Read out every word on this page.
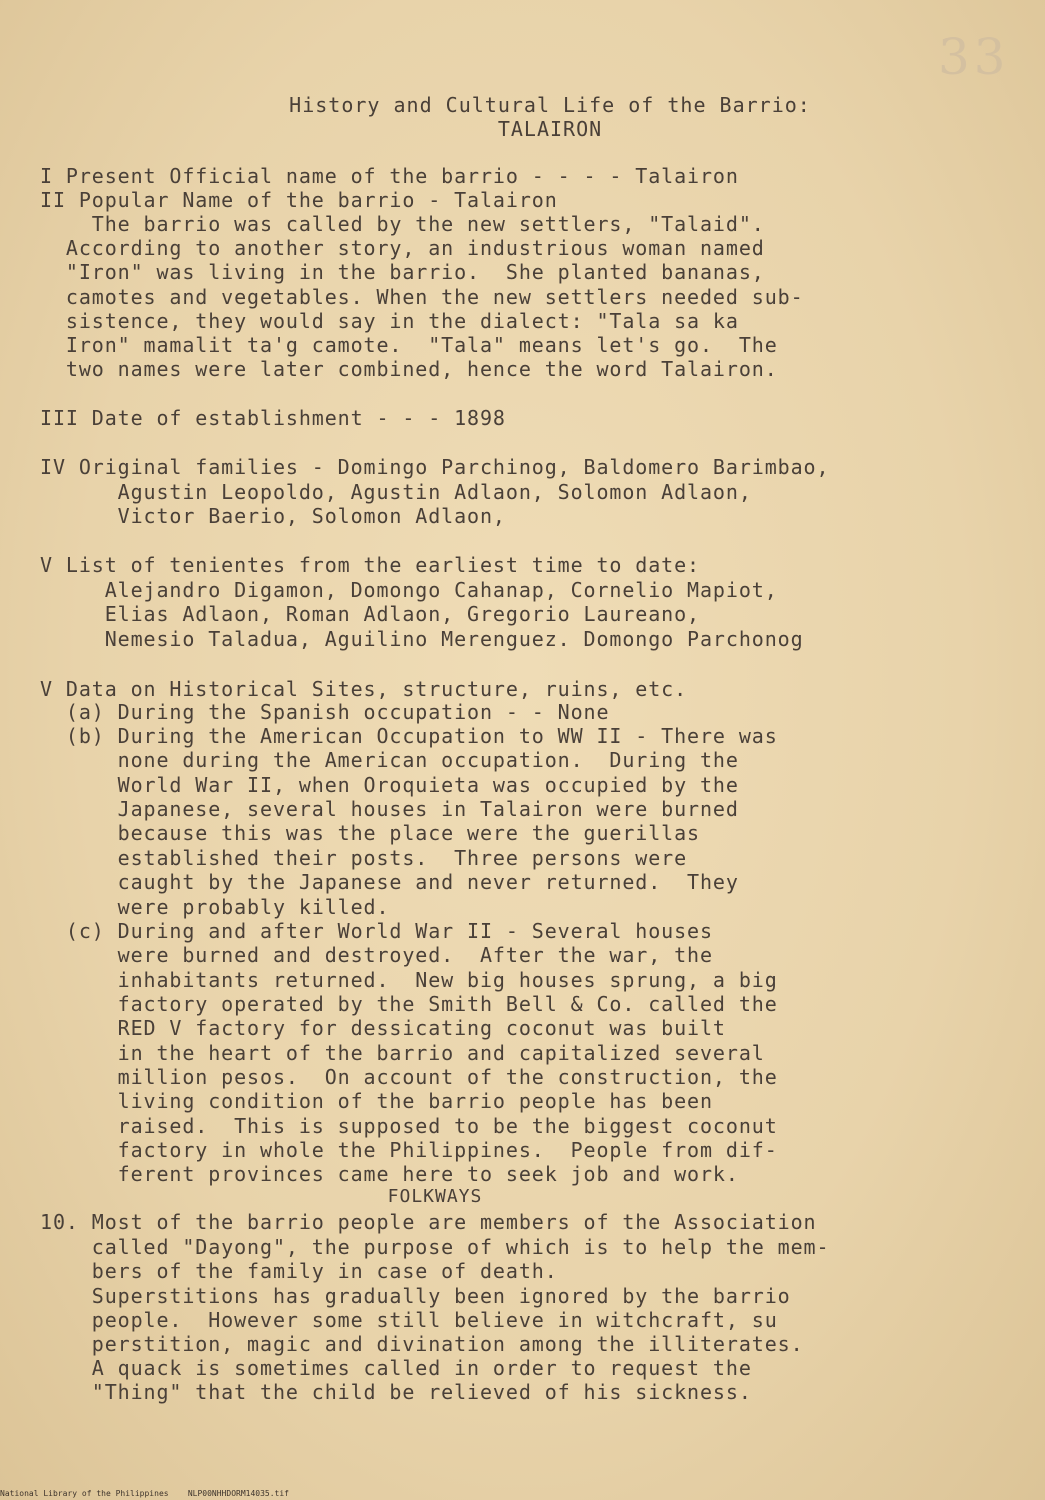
33
History and Cultural Life of the Barrio:
TALAIRON
I Present Official name of the barrio - - - - Talairon
II Popular Name of the barrio - Talairon
The barrio was called by the new settlers, "Talaid".
According to another story, an industrious woman named
"Iron" was living in the barrio.  She planted bananas,
camotes and vegetables. When the new settlers needed sub-
sistence, they would say in the dialect: "Tala sa ka
Iron" mamalit ta'g camote.  "Tala" means let's go.  The
two names were later combined, hence the word Talairon.
III Date of establishment - - - 1898
IV Original families - Domingo Parchinog, Baldomero Barimbao,
Agustin Leopoldo, Agustin Adlaon, Solomon Adlaon,
Victor Baerio, Solomon Adlaon,
V List of tenientes from the earliest time to date:
Alejandro Digamon, Domongo Cahanap, Cornelio Mapiot,
Elias Adlaon, Roman Adlaon, Gregorio Laureano,
Nemesio Taladua, Aguilino Merenguez. Domongo Parchonog
V Data on Historical Sites, structure, ruins, etc.
(a) During the Spanish occupation - - None
(b) During the American Occupation to WW II - There was
none during the American occupation.  During the
World War II, when Oroquieta was occupied by the
Japanese, several houses in Talairon were burned
because this was the place were the guerillas
established their posts.  Three persons were
caught by the Japanese and never returned.  They
were probably killed.
(c) During and after World War II - Several houses
were burned and destroyed.  After the war, the
inhabitants returned.  New big houses sprung, a big
factory operated by the Smith Bell & Co. called the
RED V factory for dessicating coconut was built
in the heart of the barrio and capitalized several
million pesos.  On account of the construction, the
living condition of the barrio people has been
raised.  This is supposed to be the biggest coconut
factory in whole the Philippines.  People from dif-
ferent provinces came here to seek job and work.
FOLKWAYS
10. Most of the barrio people are members of the Association
called "Dayong", the purpose of which is to help the mem-
bers of the family in case of death.
Superstitions has gradually been ignored by the barrio
people.  However some still believe in witchcraft, su
perstition, magic and divination among the illiterates.
A quack is sometimes called in order to request the
"Thing" that the child be relieved of his sickness.
National Library of the Philippines    NLP00NHHDORM14035.tif
